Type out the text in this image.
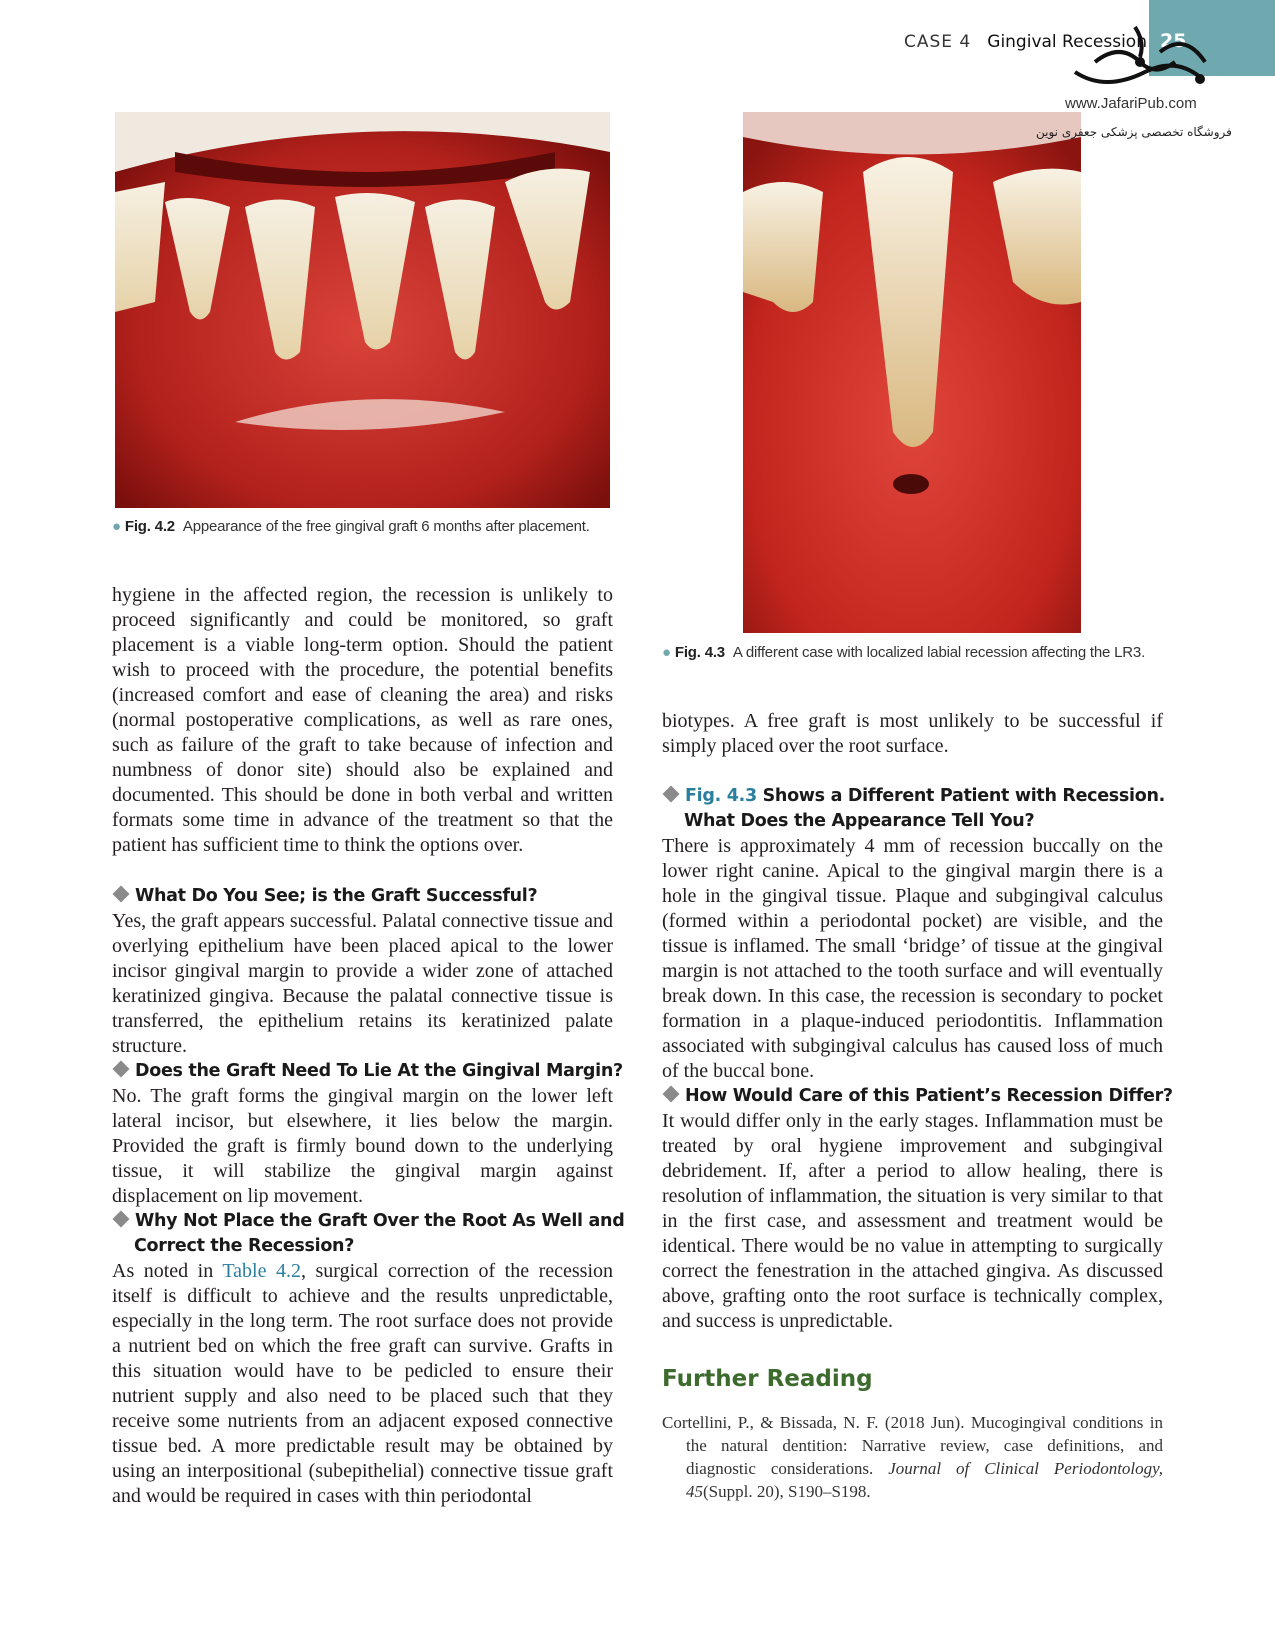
25
CASE 4 Gingival Recession
● Fig. 4.2 Appearance of the free gingival graft 6 months after placement.
● Fig. 4.3 A different case with localized labial recession affecting the LR3.
www.JafariPub.com
فروشگاه تخصصی پزشکی جعفری نوین
hygiene in the affected region, the recession is unlikely to proceed significantly and could be monitored, so graft placement is a viable long-term option. Should the patient wish to proceed with the procedure, the potential benefits (increased comfort and ease of cleaning the area) and risks (normal postoperative complications, as well as rare ones, such as failure of the graft to take because of infection and numbness of donor site) should also be explained and documented. This should be done in both verbal and written formats some time in advance of the treatment so that the patient has sufficient time to think the options over.
What Do You See; is the Graft Successful?
Yes, the graft appears successful. Palatal connective tissue and overlying epithelium have been placed apical to the lower incisor gingival margin to provide a wider zone of attached keratinized gingiva. Because the palatal connective tissue is transferred, the epithelium retains its keratinized palate structure.
Does the Graft Need To Lie At the Gingival Margin?
No. The graft forms the gingival margin on the lower left lateral incisor, but elsewhere, it lies below the margin. Provided the graft is firmly bound down to the underlying tissue, it will stabilize the gingival margin against displacement on lip movement.
Why Not Place the Graft Over the Root As Well and Correct the Recession?
As noted in Table 4.2, surgical correction of the recession itself is difficult to achieve and the results unpredictable, especially in the long term. The root surface does not provide a nutrient bed on which the free graft can survive. Grafts in this situation would have to be pedicled to ensure their nutrient supply and also need to be placed such that they receive some nutrients from an adjacent exposed connective tissue bed. A more predictable result may be obtained by using an interpositional (subepithelial) connective tissue graft and would be required in cases with thin periodontal
biotypes. A free graft is most unlikely to be successful if simply placed over the root surface.
Fig. 4.3 Shows a Different Patient with Recession. What Does the Appearance Tell You?
There is approximately 4 mm of recession buccally on the lower right canine. Apical to the gingival margin there is a hole in the gingival tissue. Plaque and subgingival calculus (formed within a periodontal pocket) are visible, and the tissue is inflamed. The small ‘bridge’ of tissue at the gingival margin is not attached to the tooth surface and will eventually break down. In this case, the recession is secondary to pocket formation in a plaque-induced periodontitis. Inflammation associated with subgingival calculus has caused loss of much of the buccal bone.
How Would Care of this Patient’s Recession Differ?
It would differ only in the early stages. Inflammation must be treated by oral hygiene improvement and subgingival debridement. If, after a period to allow healing, there is resolution of inflammation, the situation is very similar to that in the first case, and assessment and treatment would be identical. There would be no value in attempting to surgically correct the fenestration in the attached gingiva. As discussed above, grafting onto the root surface is technically complex, and success is unpredictable.
Further Reading
Cortellini, P., & Bissada, N. F. (2018 Jun). Mucogingival conditions in the natural dentition: Narrative review, case definitions, and diagnostic considerations. Journal of Clinical Periodontology, 45(Suppl. 20), S190–S198.
